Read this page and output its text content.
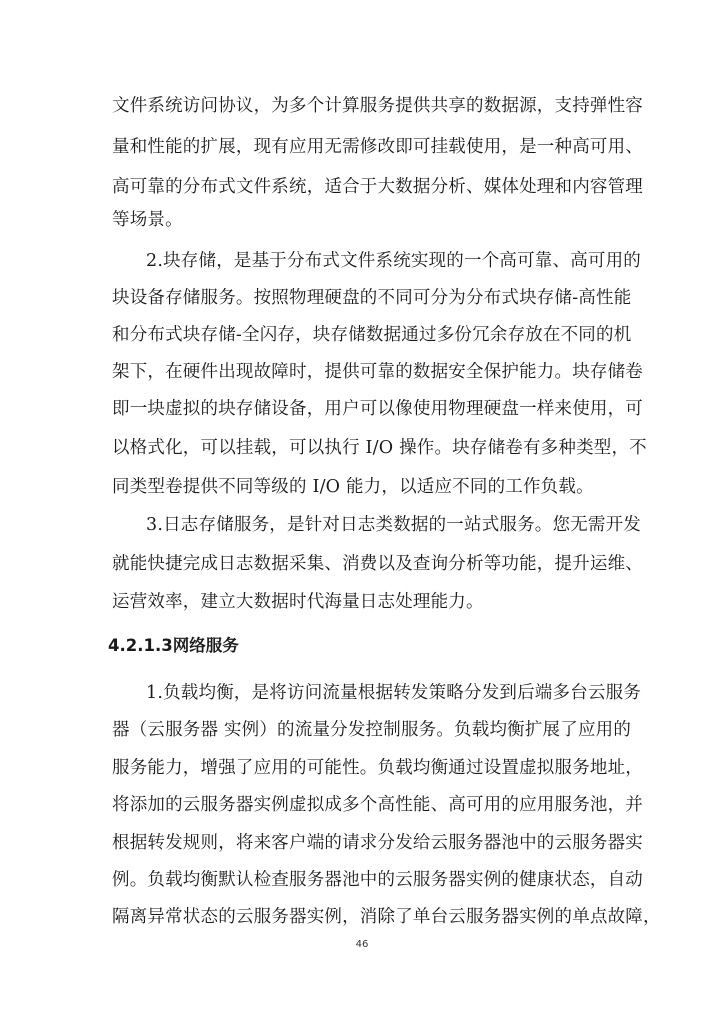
文件系统访问协议，为多个计算服务提供共享的数据源，支持弹性容
量和性能的扩展，现有应用无需修改即可挂载使用，是一种高可用、
高可靠的分布式文件系统，适合于大数据分析、媒体处理和内容管理
等场景。
2.块存储，是基于分布式文件系统实现的一个高可靠、高可用的
块设备存储服务。按照物理硬盘的不同可分为分布式块存储-高性能
和分布式块存储-全闪存，块存储数据通过多份冗余存放在不同的机
架下，在硬件出现故障时，提供可靠的数据安全保护能力。块存储卷
即一块虚拟的块存储设备，用户可以像使用物理硬盘一样来使用，可
以格式化，可以挂载，可以执行 I/O 操作。块存储卷有多种类型，不
同类型卷提供不同等级的 I/O 能力，以适应不同的工作负载。
3.日志存储服务，是针对日志类数据的一站式服务。您无需开发
就能快捷完成日志数据采集、消费以及查询分析等功能，提升运维、
运营效率，建立大数据时代海量日志处理能力。
4.2.1.3网络服务
1.负载均衡，是将访问流量根据转发策略分发到后端多台云服务
器（云服务器 实例）的流量分发控制服务。负载均衡扩展了应用的
服务能力，增强了应用的可能性。负载均衡通过设置虚拟服务地址，
将添加的云服务器实例虚拟成多个高性能、高可用的应用服务池，并
根据转发规则，将来客户端的请求分发给云服务器池中的云服务器实
例。负载均衡默认检查服务器池中的云服务器实例的健康状态，自动
隔离异常状态的云服务器实例，消除了单台云服务器实例的单点故障，
46
